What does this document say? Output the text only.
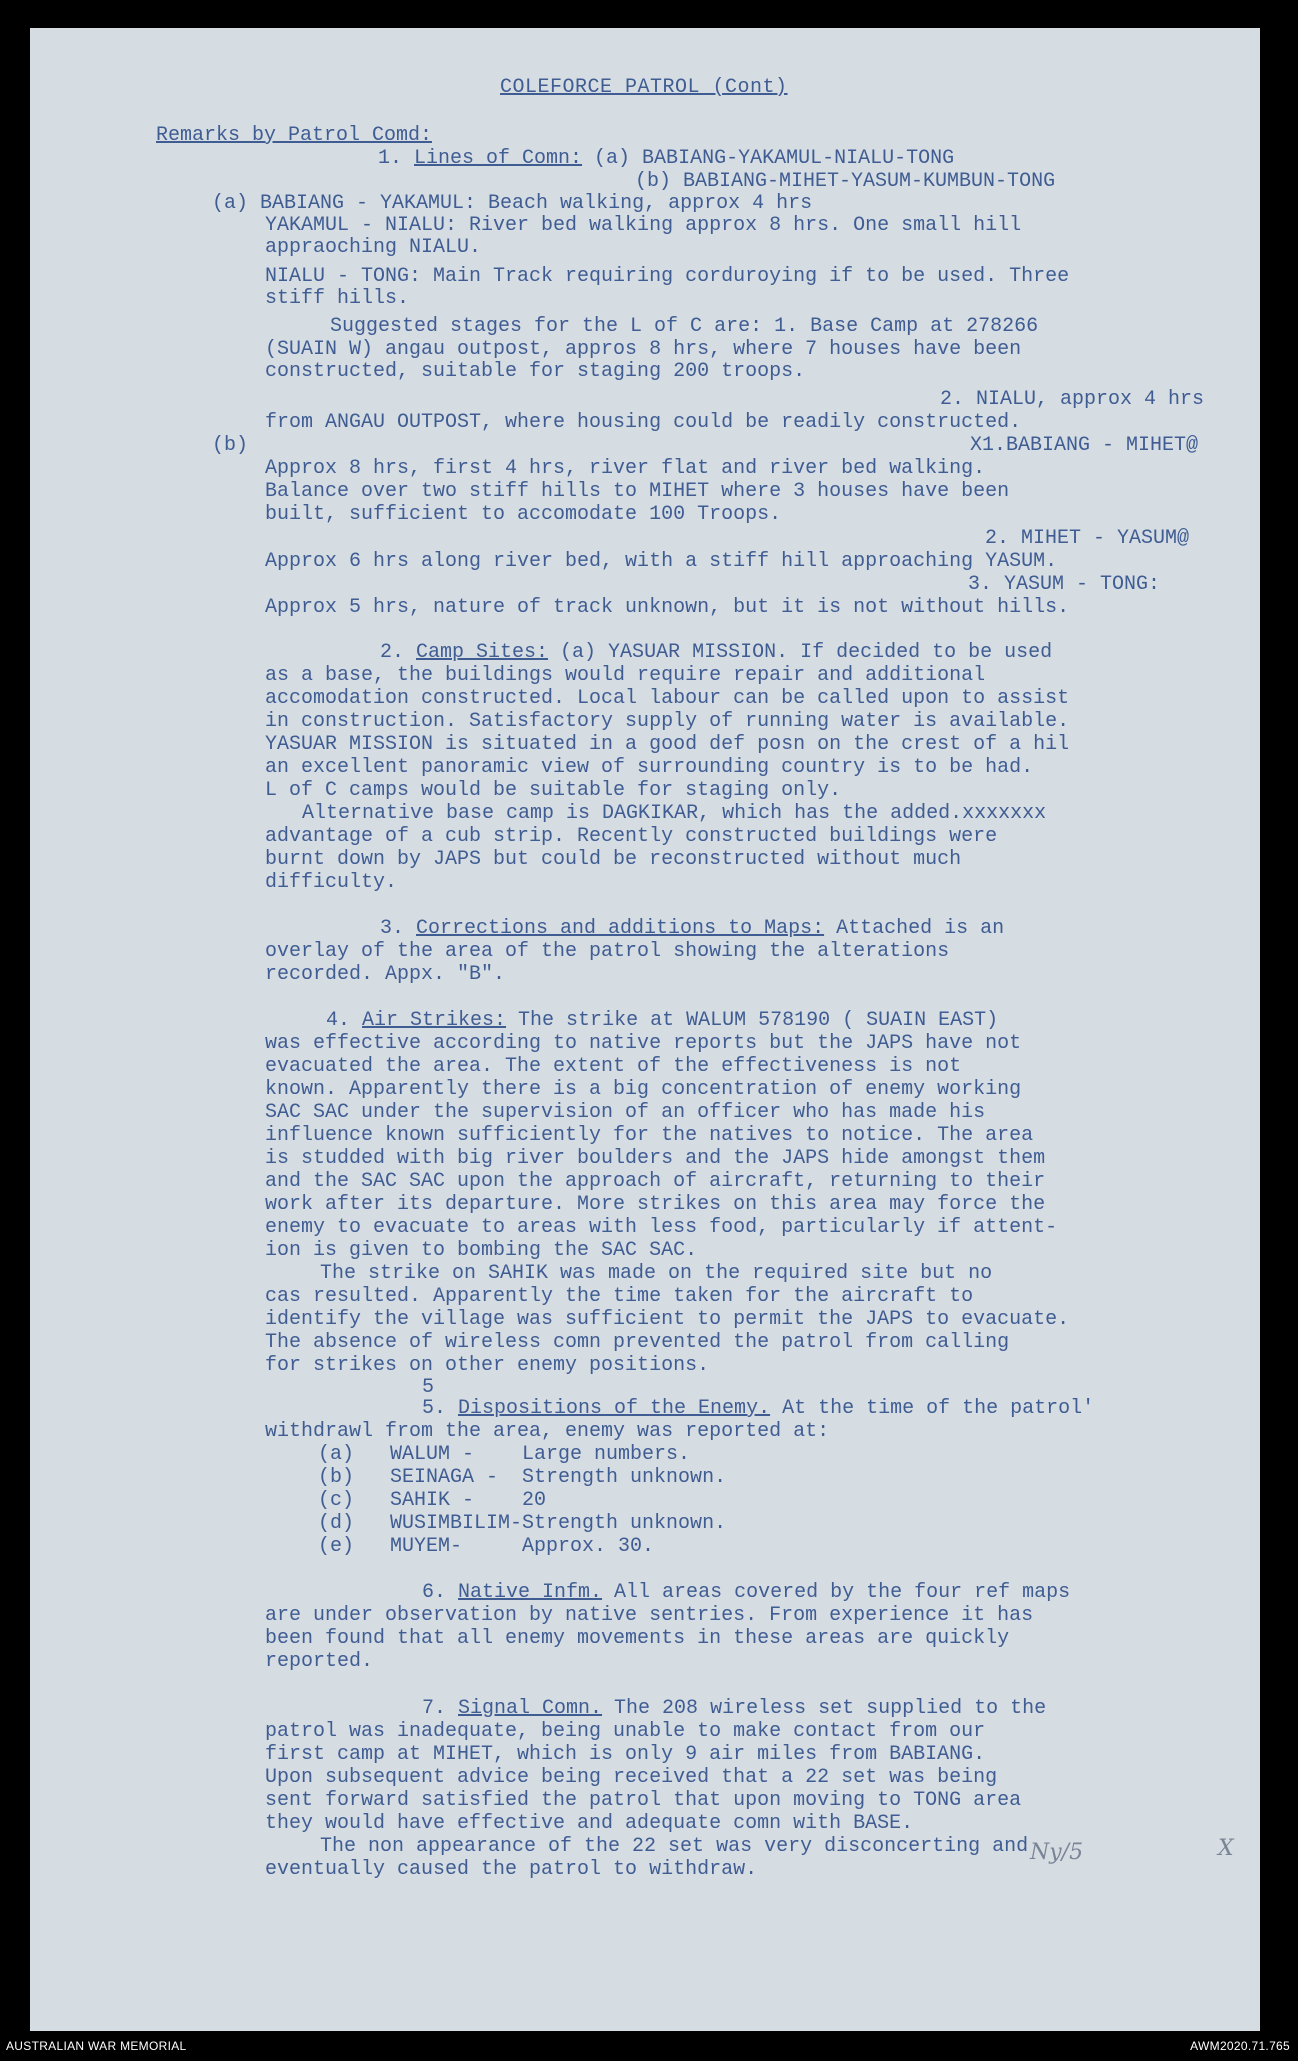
COLEFORCE PATROL (Cont)
Remarks by Patrol Comd:
1. Lines of Comn: (a) BABIANG-YAKAMUL-NIALU-TONG
(b) BABIANG-MIHET-YASUM-KUMBUN-TONG
(a) BABIANG - YAKAMUL: Beach walking, approx 4 hrs
YAKAMUL - NIALU: River bed walking approx 8 hrs. One small hill
appraoching NIALU.
NIALU - TONG: Main Track requiring corduroying if to be used. Three
stiff hills.
Suggested stages for the L of C are: 1. Base Camp at 278266
(SUAIN W) angau outpost, appros 8 hrs, where 7 houses have been
constructed, suitable for staging 200 troops.
2. NIALU, approx 4 hrs
from ANGAU OUTPOST, where housing could be readily constructed.
(b)	X1.BABIANG - MIHET@
Approx 8 hrs, first 4 hrs, river flat and river bed walking.
Balance over two stiff hills to MIHET where 3 houses have been
built, sufficient to accomodate 100 Troops.
2. MIHET - YASUM@
Approx 6 hrs along river bed, with a stiff hill approaching YASUM.
3. YASUM - TONG:
Approx 5 hrs, nature of track unknown, but it is not without hills.
2. Camp Sites: (a) YASUAR MISSION. If decided to be used
as a base, the buildings would require repair and additional
accomodation constructed. Local labour can be called upon to assist
in construction. Satisfactory supply of running water is available.
YASUAR MISSION is situated in a good def posn on the crest of a hil
an excellent panoramic view of surrounding country is to be had.
L of C camps would be suitable for staging only.
Alternative base camp is DAGKIKAR, which has the added.xxxxxxx
advantage of a cub strip. Recently constructed buildings were
burnt down by JAPS but could be reconstructed without much
difficulty.
3. Corrections and additions to Maps: Attached is an
overlay of the area of the patrol showing the alterations
recorded. Appx. "B".
4. Air Strikes: The strike at WALUM 578190 ( SUAIN EAST)
was effective according to native reports but the JAPS have not
evacuated the area. The extent of the effectiveness is not
known. Apparently there is a big concentration of enemy working
SAC SAC under the supervision of an officer who has made his
influence known sufficiently for the natives to notice. The area
is studded with big river boulders and the JAPS hide amongst them
and the SAC SAC upon the approach of aircraft, returning to their
work after its departure. More strikes on this area may force the
enemy to evacuate to areas with less food, particularly if attent-
ion is given to bombing the SAC SAC.
The strike on SAHIK was made on the required site but no
cas resulted. Apparently the time taken for the aircraft to
identify the village was sufficient to permit the JAPS to evacuate.
The absence of wireless comn prevented the patrol from calling
for strikes on other enemy positions.
5
5. Dispositions of the Enemy. At the time of the patrol'
withdrawl from the area, enemy was reported at:
(a)   WALUM -    Large numbers.
(b)   SEINAGA -  Strength unknown.
(c)   SAHIK -    20
(d)   WUSIMBILIM-Strength unknown.
(e)   MUYEM-     Approx. 30.
6. Native Infm. All areas covered by the four ref maps
are under observation by native sentries. From experience it has
been found that all enemy movements in these areas are quickly
reported.
7. Signal Comn. The 208 wireless set supplied to the
patrol was inadequate, being unable to make contact from our
first camp at MIHET, which is only 9 air miles from BABIANG.
Upon subsequent advice being received that a 22 set was being
sent forward satisfied the patrol that upon moving to TONG area
they would have effective and adequate comn with BASE.
The non appearance of the 22 set was very disconcerting and
eventually caused the patrol to withdraw.
Ny/5	X
AUSTRALIAN WAR MEMORIAL	AWM2020.71.765
